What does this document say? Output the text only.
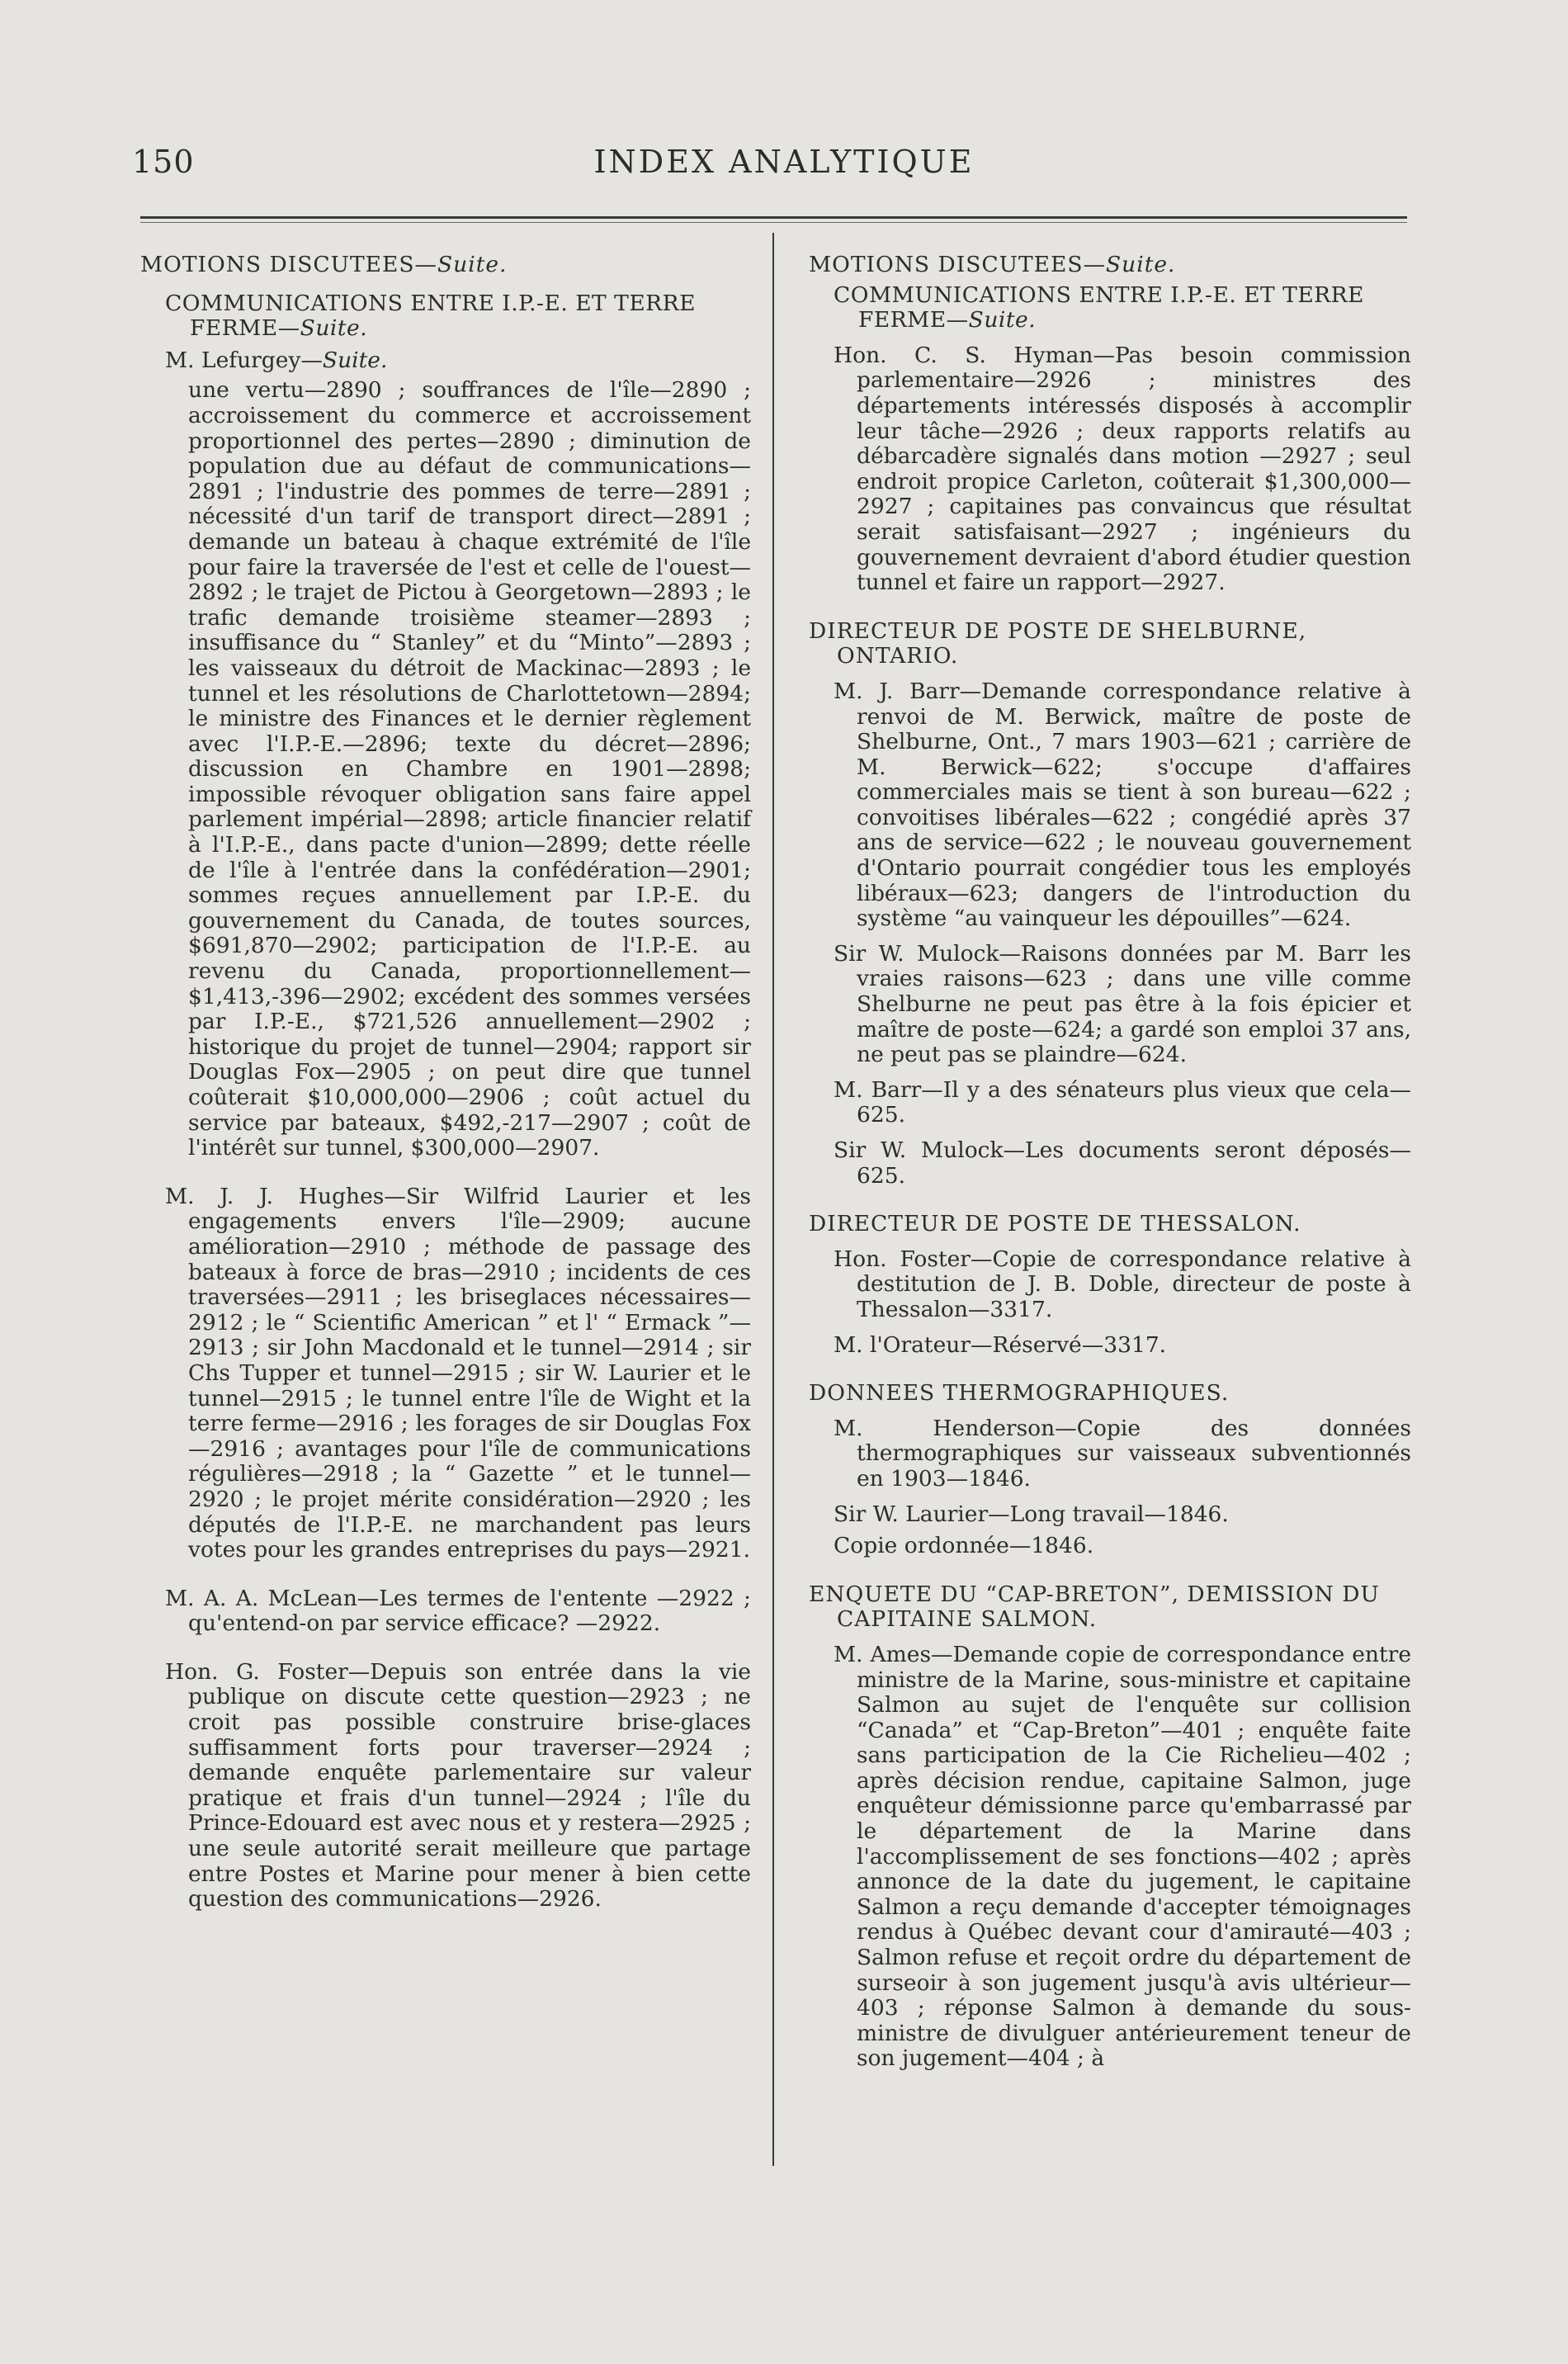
150	INDEX ANALYTIQUE

MOTIONS DISCUTEES—Suite.

COMMUNICATIONS ENTRE I.P.-E. ET TERRE FERME—Suite.

M. Lefurgey—Suite.

une vertu—2890 ; souffrances de l'île—2890 ; accroissement du commerce et accroissement proportionnel des pertes—2890 ; diminution de population due au défaut de communications—2891 ; l'industrie des pommes de terre—2891 ; nécessité d'un tarif de transport direct—2891 ; demande un bateau à chaque extrémité de l'île pour faire la traversée de l'est et celle de l'ouest—2892 ; le trajet de Pictou à Georgetown—2893 ; le trafic demande troisième steamer—2893 ; insuffisance du “ Stanley” et du “Minto”—2893 ; les vaisseaux du détroit de Mackinac—2893 ; le tunnel et les résolutions de Charlottetown—2894; le ministre des Finances et le dernier règlement avec l'I.P.-E.—2896; texte du décret—2896; discussion en Chambre en 1901—2898; impossible révoquer obligation sans faire appel parlement impérial—2898; article financier relatif à l'I.P.-E., dans pacte d'union—2899; dette réelle de l'île à l'entrée dans la confédération—2901; sommes reçues annuellement par I.P.-E. du gouvernement du Canada, de toutes sources, $691,870—2902; participation de l'I.P.-E. au revenu du Canada, proportionnellement—$1,413,-396—2902; excédent des sommes versées par I.P.-E., $721,526 annuellement—2902 ; historique du projet de tunnel—2904; rapport sir Douglas Fox—2905 ; on peut dire que tunnel coûterait $10,000,000—2906 ; coût actuel du service par bateaux, $492,-217—2907 ; coût de l'intérêt sur tunnel, $300,000—2907.

M. J. J. Hughes—Sir Wilfrid Laurier et les engagements envers l'île—2909; aucune amélioration—2910 ; méthode de passage des bateaux à force de bras—2910 ; incidents de ces traversées—2911 ; les briseglaces nécessaires—2912 ; le “ Scientific American ” et l' “ Ermack ”—2913 ; sir John Macdonald et le tunnel—2914 ; sir Chs Tupper et tunnel—2915 ; sir W. Laurier et le tunnel—2915 ; le tunnel entre l'île de Wight et la terre ferme—2916 ; les forages de sir Douglas Fox—2916 ; avantages pour l'île de communications régulières—2918 ; la “ Gazette ” et le tunnel—2920 ; le projet mérite considération—2920 ; les députés de l'I.P.-E. ne marchandent pas leurs votes pour les grandes entreprises du pays—2921.

M. A. A. McLean—Les termes de l'entente —2922 ; qu'entend-on par service efficace? —2922.

Hon. G. Foster—Depuis son entrée dans la vie publique on discute cette question—2923 ; ne croit pas possible construire brise-glaces suffisamment forts pour traverser—2924 ; demande enquête parlementaire sur valeur pratique et frais d'un tunnel—2924 ; l'île du Prince-Edouard est avec nous et y restera—2925 ; une seule autorité serait meilleure que partage entre Postes et Marine pour mener à bien cette question des communications—2926.

MOTIONS DISCUTEES—Suite.

COMMUNICATIONS ENTRE I.P.-E. ET TERRE FERME—Suite.

Hon. C. S. Hyman—Pas besoin commission parlementaire—2926 ; ministres des départements intéressés disposés à accomplir leur tâche—2926 ; deux rapports relatifs au débarcadère signalés dans motion —2927 ; seul endroit propice Carleton, coûterait $1,300,000—2927 ; capitaines pas convaincus que résultat serait satisfaisant—2927 ; ingénieurs du gouvernement devraient d'abord étudier question tunnel et faire un rapport—2927.

DIRECTEUR DE POSTE DE SHELBURNE, ONTARIO.

M. J. Barr—Demande correspondance relative à renvoi de M. Berwick, maître de poste de Shelburne, Ont., 7 mars 1903—621 ; carrière de M. Berwick—622; s'occupe d'affaires commerciales mais se tient à son bureau—622 ; convoitises libérales—622 ; congédié après 37 ans de service—622 ; le nouveau gouvernement d'Ontario pourrait congédier tous les employés libéraux—623; dangers de l'introduction du système “au vainqueur les dépouilles”—624.

Sir W. Mulock—Raisons données par M. Barr les vraies raisons—623 ; dans une ville comme Shelburne ne peut pas être à la fois épicier et maître de poste—624; a gardé son emploi 37 ans, ne peut pas se plaindre—624.

M. Barr—Il y a des sénateurs plus vieux que cela—625.

Sir W. Mulock—Les documents seront déposés—625.

DIRECTEUR DE POSTE DE THESSALON.

Hon. Foster—Copie de correspondance relative à destitution de J. B. Doble, directeur de poste à Thessalon—3317.

M. l'Orateur—Réservé—3317.

DONNEES THERMOGRAPHIQUES.

M. Henderson—Copie des données thermographiques sur vaisseaux subventionnés en 1903—1846.

Sir W. Laurier—Long travail—1846.

Copie ordonnée—1846.

ENQUETE DU “CAP-BRETON”, DEMISSION DU CAPITAINE SALMON.

M. Ames—Demande copie de correspondance entre ministre de la Marine, sous-ministre et capitaine Salmon au sujet de l'enquête sur collision “Canada” et “Cap-Breton”—401 ; enquête faite sans participation de la Cie Richelieu—402 ; après décision rendue, capitaine Salmon, juge enquêteur démissionne parce qu'embarrassé par le département de la Marine dans l'accomplissement de ses fonctions—402 ; après annonce de la date du jugement, le capitaine Salmon a reçu demande d'accepter témoignages rendus à Québec devant cour d'amirauté—403 ; Salmon refuse et reçoit ordre du département de surseoir à son jugement jusqu'à avis ultérieur—403 ; réponse Salmon à demande du sous-ministre de divulguer antérieurement teneur de son jugement—404 ; à
